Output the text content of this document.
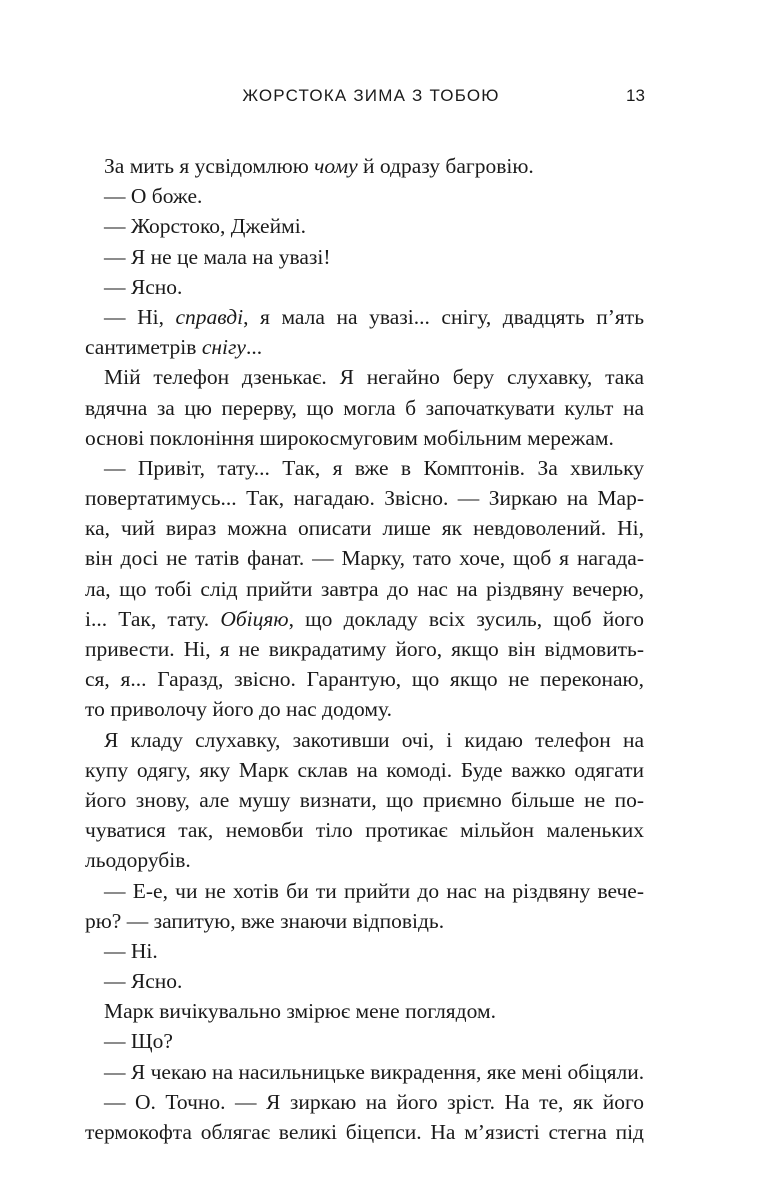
ЖОРСТОКА ЗИМА З ТОБОЮ	13
За мить я усвідомлюю чому й одразу багровію.
— О боже.
— Жорстоко, Джеймі.
— Я не це мала на увазі!
— Ясно.
— Ні, справді, я мала на увазі... снігу, двадцять п’ять
сантиметрів снігу...
Мій телефон дзенькає. Я негайно беру слухавку, така
вдячна за цю перерву, що могла б започаткувати культ на
основі поклоніння широкосмуговим мобільним мережам.
— Привіт, тату... Так, я вже в Комптонів. За хвильку
повертатимусь... Так, нагадаю. Звісно. — Зиркаю на Мар-
ка, чий вираз можна описати лише як невдоволений. Ні,
він досі не татів фанат. — Марку, тато хоче, щоб я нагада-
ла, що тобі слід прийти завтра до нас на різдвяну вечерю,
і... Так, тату. Обіцяю, що докладу всіх зусиль, щоб його
привести. Ні, я не викрадатиму його, якщо він відмовить-
ся, я... Гаразд, звісно. Гарантую, що якщо не переконаю,
то приволочу його до нас додому.
Я кладу слухавку, закотивши очі, і кидаю телефон на
купу одягу, яку Марк склав на комоді. Буде важко одягати
його знову, але мушу визнати, що приємно більше не по-
чуватися так, немовби тіло протикає мільйон маленьких
льодорубів.
— Е-е, чи не хотів би ти прийти до нас на різдвяну вече-
рю? — запитую, вже знаючи відповідь.
— Ні.
— Ясно.
Марк вичікувально змірює мене поглядом.
— Що?
— Я чекаю на насильницьке викрадення, яке мені обіцяли.
— О. Точно. — Я зиркаю на його зріст. На те, як його
термокофта облягає великі біцепси. На м’язисті стегна під
